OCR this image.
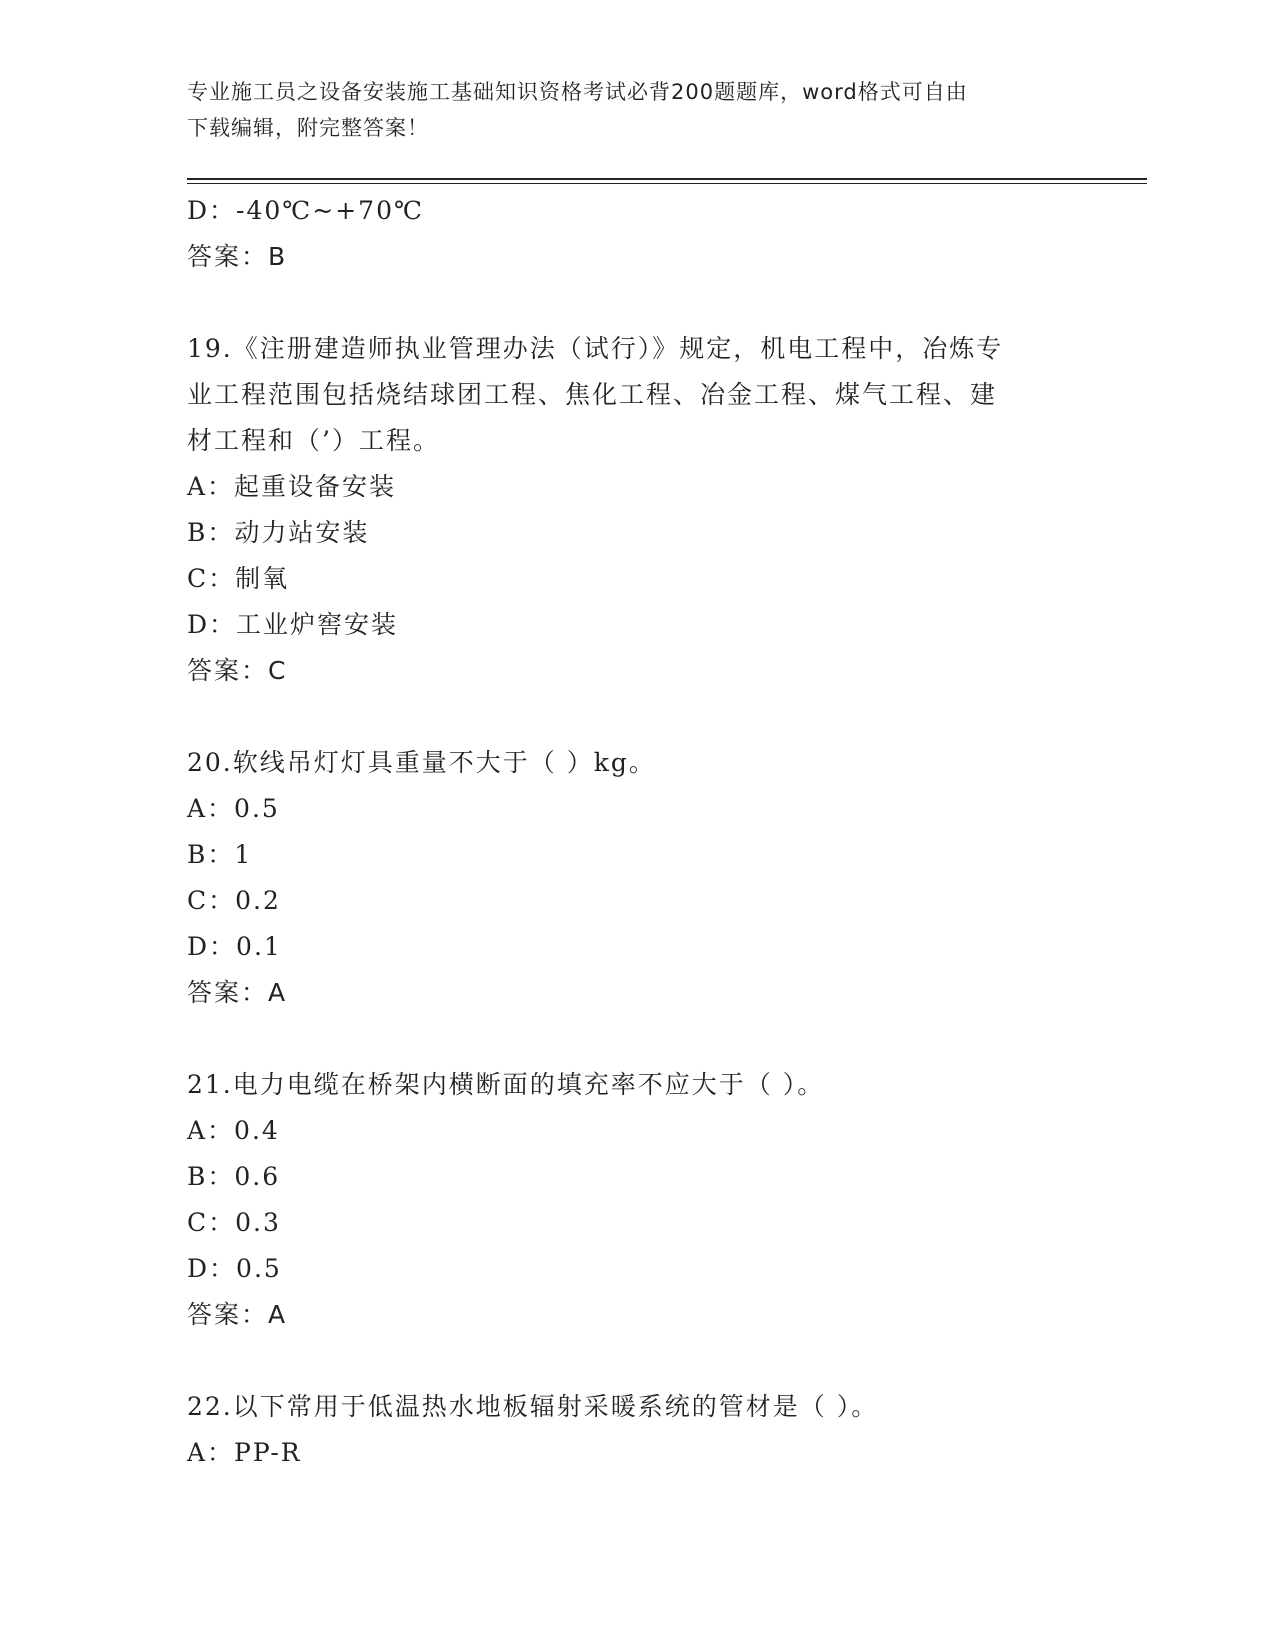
专业施工员之设备安装施工基础知识资格考试必背200题题库，word格式可自由
下载编辑，附完整答案！

D：-40℃~+70℃

答案：B

19.《注册建造师执业管理办法（试行）》规定，机电工程中，冶炼专

业工程范围包括烧结球团工程、焦化工程、冶金工程、煤气工程、建

材工程和（’）工程。

A：起重设备安装

B：动力站安装

C：制氧

D：工业炉窖安装

答案：C

20.软线吊灯灯具重量不大于（ ）kg。

A：0.5

B：1

C：0.2

D：0.1

答案：A

21.电力电缆在桥架内横断面的填充率不应大于（ ）。

A：0.4

B：0.6

C：0.3

D：0.5

答案：A

22.以下常用于低温热水地板辐射采暖系统的管材是（ ）。

A：PP-R
